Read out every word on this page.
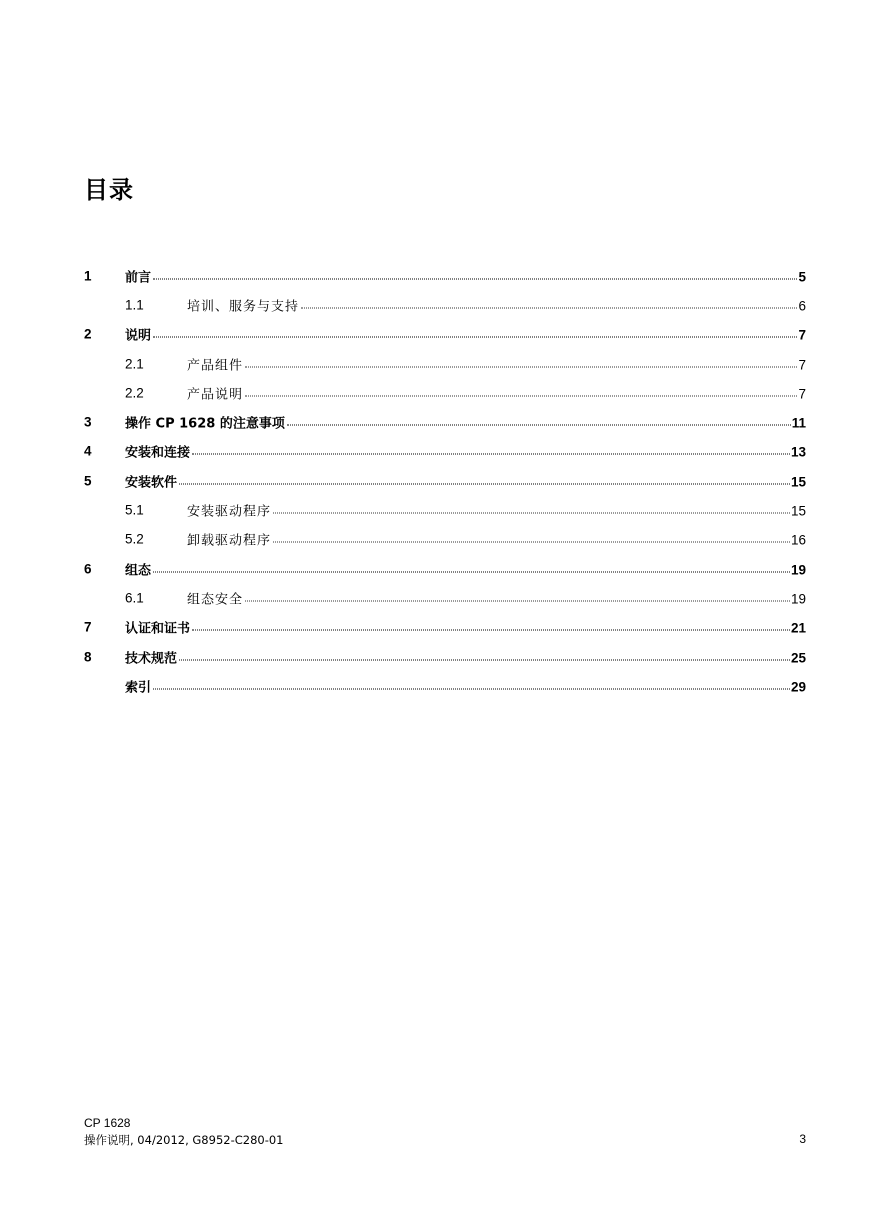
目录
1	前言	5
1.1	培训、服务与支持	6
2	说明	7
2.1	产品组件	7
2.2	产品说明	7
3	操作 CP 1628 的注意事项	11
4	安装和连接	13
5	安装软件	15
5.1	安装驱动程序	15
5.2	卸载驱动程序	16
6	组态	19
6.1	组态安全	19
7	认证和证书	21
8	技术规范	25
索引	29
CP 1628
操作说明, 04/2012, G8952-C280-01	3
